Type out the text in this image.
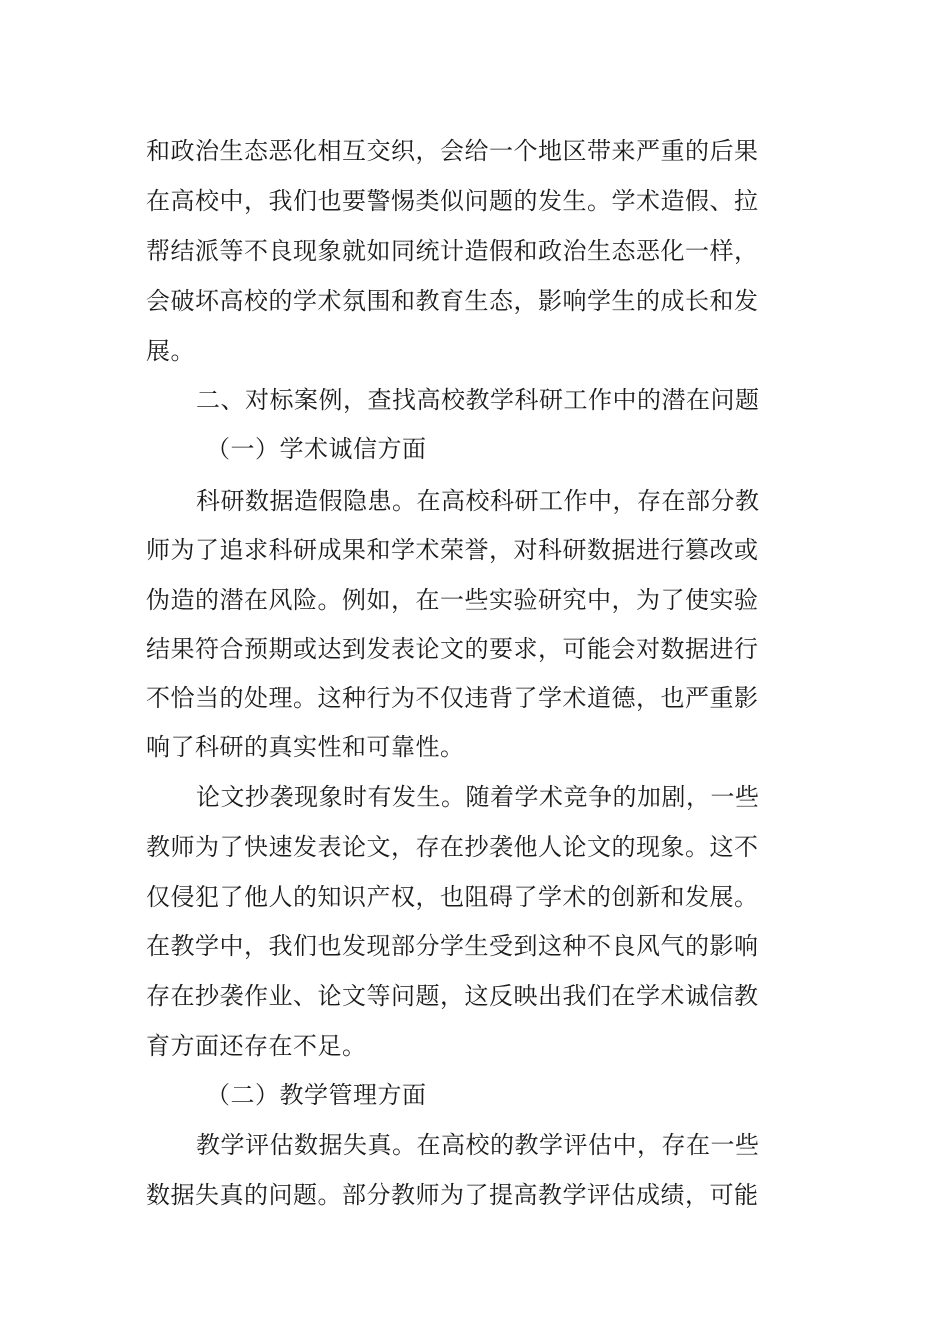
和政治生态恶化相互交织，会给一个地区带来严重的后果
在高校中，我们也要警惕类似问题的发生。学术造假、拉
帮结派等不良现象就如同统计造假和政治生态恶化一样，
会破坏高校的学术氛围和教育生态，影响学生的成长和发
展。
二、对标案例，查找高校教学科研工作中的潜在问题
（一）学术诚信方面
科研数据造假隐患。在高校科研工作中，存在部分教
师为了追求科研成果和学术荣誉，对科研数据进行篡改或
伪造的潜在风险。例如，在一些实验研究中，为了使实验
结果符合预期或达到发表论文的要求，可能会对数据进行
不恰当的处理。这种行为不仅违背了学术道德，也严重影
响了科研的真实性和可靠性。
论文抄袭现象时有发生。随着学术竞争的加剧，一些
教师为了快速发表论文，存在抄袭他人论文的现象。这不
仅侵犯了他人的知识产权，也阻碍了学术的创新和发展。
在教学中，我们也发现部分学生受到这种不良风气的影响
存在抄袭作业、论文等问题，这反映出我们在学术诚信教
育方面还存在不足。
（二）教学管理方面
教学评估数据失真。在高校的教学评估中，存在一些
数据失真的问题。部分教师为了提高教学评估成绩，可能
